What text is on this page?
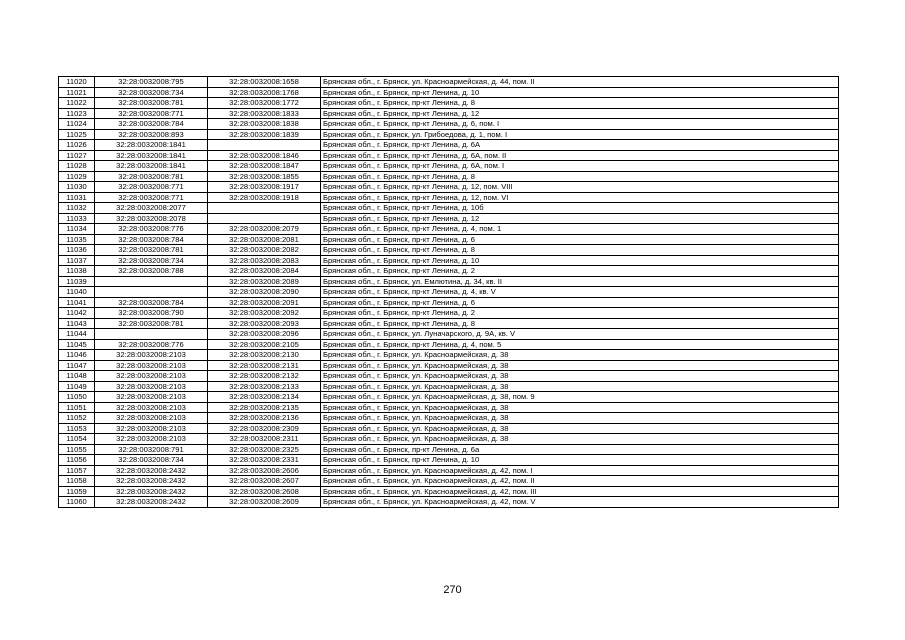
11020	32:28:0032008:795	32:28:0032008:1658	Брянская обл., г. Брянск, ул. Красноармейская, д. 44, пом. II
11021	32:28:0032008:734	32:28:0032008:1768	Брянская обл., г. Брянск, пр-кт Ленина, д. 10
11022	32:28:0032008:781	32:28:0032008:1772	Брянская обл., г. Брянск, пр-кт Ленина, д. 8
11023	32:28:0032008:771	32:28:0032008:1833	Брянская обл., г. Брянск, пр-кт Ленина, д. 12
11024	32:28:0032008:784	32:28:0032008:1838	Брянская обл., г. Брянск, пр-кт Ленина, д. 6, пом. I
11025	32:28:0032008:893	32:28:0032008:1839	Брянская обл., г. Брянск, ул. Грибоедова, д. 1, пом. I
11026	32:28:0032008:1841		Брянская обл., г. Брянск, пр-кт Ленина, д. 6А
11027	32:28:0032008:1841	32:28:0032008:1846	Брянская обл., г. Брянск, пр-кт Ленина, д. 6А, пом. II
11028	32:28:0032008:1841	32:28:0032008:1847	Брянская обл., г. Брянск, пр-кт Ленина, д. 6А, пом. I
11029	32:28:0032008:781	32:28:0032008:1855	Брянская обл., г. Брянск, пр-кт Ленина, д. 8
11030	32:28:0032008:771	32:28:0032008:1917	Брянская обл., г. Брянск, пр-кт Ленина, д. 12, пом. VIII
11031	32:28:0032008:771	32:28:0032008:1918	Брянская обл., г. Брянск, пр-кт Ленина, д. 12, пом. VI
11032	32:28:0032008:2077		Брянская обл., г. Брянск, пр-кт Ленина, д. 10б
11033	32:28:0032008:2078		Брянская обл., г. Брянск, пр-кт Ленина, д. 12
11034	32:28:0032008:776	32:28:0032008:2079	Брянская обл., г. Брянск, пр-кт Ленина, д. 4, пом. 1
11035	32:28:0032008:784	32:28:0032008:2081	Брянская обл., г. Брянск, пр-кт Ленина, д. 6
11036	32:28:0032008:781	32:28:0032008:2082	Брянская обл., г. Брянск, пр-кт Ленина, д. 8
11037	32:28:0032008:734	32:28:0032008:2083	Брянская обл., г. Брянск, пр-кт Ленина, д. 10
11038	32:28:0032008:788	32:28:0032008:2084	Брянская обл., г. Брянск, пр-кт Ленина, д. 2
11039		32:28:0032008:2089	Брянская обл., г. Брянск, ул. Емлютина, д. 34, кв. II
11040		32:28:0032008:2090	Брянская обл., г. Брянск, пр-кт Ленина, д. 4, кв. V
11041	32:28:0032008:784	32:28:0032008:2091	Брянская обл., г. Брянск, пр-кт Ленина, д. 6
11042	32:28:0032008:790	32:28:0032008:2092	Брянская обл., г. Брянск, пр-кт Ленина, д. 2
11043	32:28:0032008:781	32:28:0032008:2093	Брянская обл., г. Брянск, пр-кт Ленина, д. 8
11044		32:28:0032008:2096	Брянская обл., г. Брянск, ул. Луначарского, д. 9А, кв. V
11045	32:28:0032008:776	32:28:0032008:2105	Брянская обл., г. Брянск, пр-кт Ленина, д. 4, пом. 5
11046	32:28:0032008:2103	32:28:0032008:2130	Брянская обл., г. Брянск, ул. Красноармейская, д. 38
11047	32:28:0032008:2103	32:28:0032008:2131	Брянская обл., г. Брянск, ул. Красноармейская, д. 38
11048	32:28:0032008:2103	32:28:0032008:2132	Брянская обл., г. Брянск, ул. Красноармейская, д. 38
11049	32:28:0032008:2103	32:28:0032008:2133	Брянская обл., г. Брянск, ул. Красноармейская, д. 38
11050	32:28:0032008:2103	32:28:0032008:2134	Брянская обл., г. Брянск, ул. Красноармейская, д. 38, пом. 9
11051	32:28:0032008:2103	32:28:0032008:2135	Брянская обл., г. Брянск, ул. Красноармейская, д. 38
11052	32:28:0032008:2103	32:28:0032008:2136	Брянская обл., г. Брянск, ул. Красноармейская, д. 38
11053	32:28:0032008:2103	32:28:0032008:2309	Брянская обл., г. Брянск, ул. Красноармейская, д. 38
11054	32:28:0032008:2103	32:28:0032008:2311	Брянская обл., г. Брянск, ул. Красноармейская, д. 38
11055	32:28:0032008:791	32:28:0032008:2325	Брянская обл., г. Брянск, пр-кт Ленина, д. 6а
11056	32:28:0032008:734	32:28:0032008:2331	Брянская обл., г. Брянск, пр-кт Ленина, д. 10
11057	32:28:0032008:2432	32:28:0032008:2606	Брянская обл., г. Брянск, ул. Красноармейская, д. 42, пом. I
11058	32:28:0032008:2432	32:28:0032008:2607	Брянская обл., г. Брянск, ул. Красноармейская, д. 42, пом. II
11059	32:28:0032008:2432	32:28:0032008:2608	Брянская обл., г. Брянск, ул. Красноармейская, д. 42, пом. III
11060	32:28:0032008:2432	32:28:0032008:2609	Брянская обл., г. Брянск, ул. Красноармейская, д. 42, пом. V
270
